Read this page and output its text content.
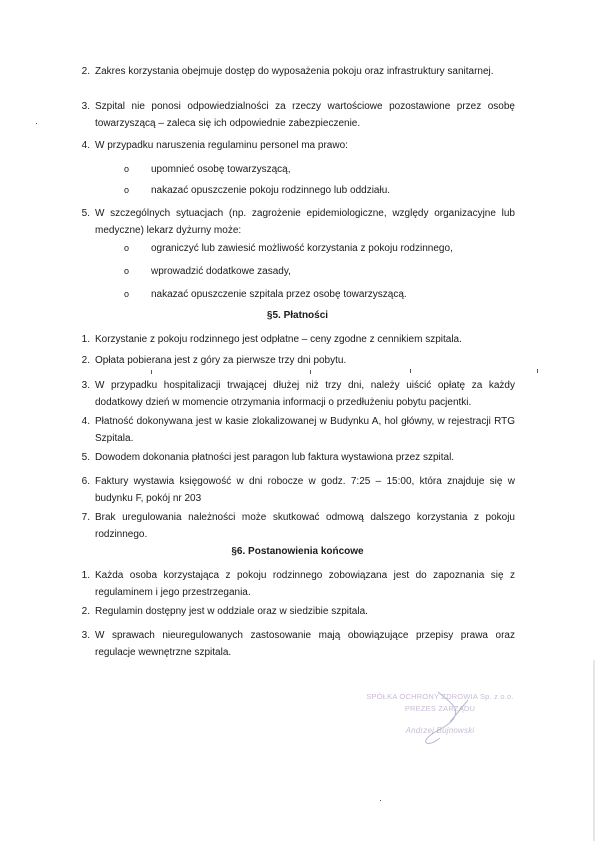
2. Zakres korzystania obejmuje dostęp do wyposażenia pokoju oraz infrastruktury sanitarnej.
3. Szpital nie ponosi odpowiedzialności za rzeczy wartościowe pozostawione przez osobę towarzyszącą – zaleca się ich odpowiednie zabezpieczenie.
4. W przypadku naruszenia regulaminu personel ma prawo:
o	upomnieć osobę towarzyszącą,
o	nakazać opuszczenie pokoju rodzinnego lub oddziału.
5. W szczególnych sytuacjach (np. zagrożenie epidemiologiczne, względy organizacyjne lub medyczne) lekarz dyżurny może:
o	ograniczyć lub zawiesić możliwość korzystania z pokoju rodzinnego,
o	wprowadzić dodatkowe zasady,
o	nakazać opuszczenie szpitala przez osobę towarzyszącą.
§5. Płatności
1. Korzystanie z pokoju rodzinnego jest odpłatne – ceny zgodne z cennikiem szpitala.
2. Opłata pobierana jest z góry za pierwsze trzy dni pobytu.
3. W przypadku hospitalizacji trwającej dłużej niż trzy dni, należy uiścić opłatę za każdy dodatkowy dzień w momencie otrzymania informacji o przedłużeniu pobytu pacjentki.
4. Płatność dokonywana jest w kasie zlokalizowanej w Budynku A, hol główny, w rejestracji RTG Szpitala.
5. Dowodem dokonania płatności jest paragon lub faktura wystawiona przez szpital.
6. Faktury wystawia księgowość w dni robocze w godz. 7:25 – 15:00, która znajduje się w budynku F, pokój nr 203
7. Brak uregulowania należności może skutkować odmową dalszego korzystania z pokoju rodzinnego.
§6. Postanowienia końcowe
1. Każda osoba korzystająca z pokoju rodzinnego zobowiązana jest do zapoznania się z regulaminem i jego przestrzegania.
2. Regulamin dostępny jest w oddziale oraz w siedzibie szpitala.
3. W sprawach nieuregulowanych zastosowanie mają obowiązujące przepisy prawa oraz regulacje wewnętrzne szpitala.
SPÓŁKA OCHRONY ZDROWIA Sp. z o.o.
PREZES ZARZĄDU
Andrzej Bujnowski
